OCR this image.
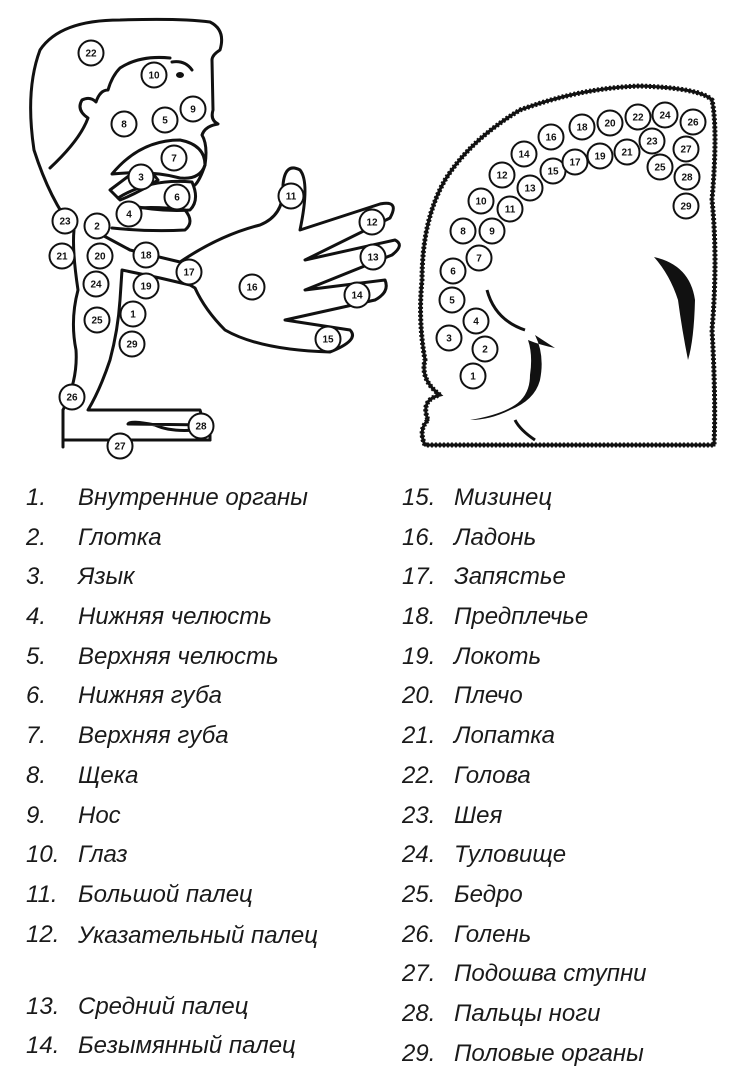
22
10
9
5
8
7
3
6
4
23 2
21	20	18
17
19
24	16
25
1
29
11
12
13
14
15
26
28
27
1
2
3
4
5
6
7
8 9
10
11
12
13
14
15
16
17
18
19
20
21
22
23
24
25
26
27
28
29
1. Внутренние органы
2. Глотка
3. Язык
4. Нижняя челюсть
5. Верхняя челюсть
6. Нижняя губа
7. Верхняя губа
8. Щека
9. Нос
10. Глаз
11. Большой палец
12. Указательный палец
13. Средний палец
14. Безымянный палец
15. Мизинец
16. Ладонь
17. Запястье
18. Предплечье
19. Локоть
20. Плечо
21. Лопатка
22. Голова
23. Шея
24. Туловище
25. Бедро
26. Голень
27. Подошва ступни
28. Пальцы ноги
29. Половые органы
